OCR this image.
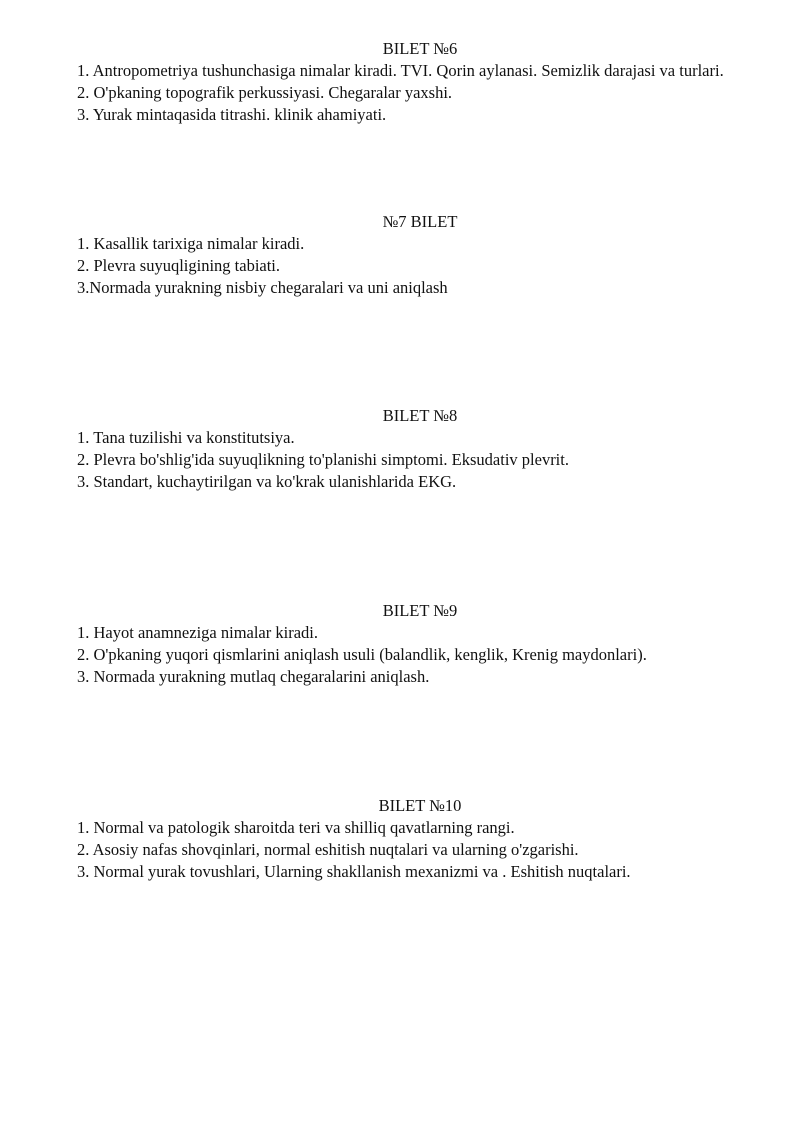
BILET №6

1. Antropometriya tushunchasiga nimalar kiradi. TVI. Qorin aylanasi. Semizlik darajasi va turlari.

2. O'pkaning topografik perkussiyasi. Chegaralar yaxshi.

3. Yurak mintaqasida titrashi. klinik ahamiyati.

№7 BILET

1. Kasallik tarixiga nimalar kiradi.

2. Plevra suyuqligining tabiati.

3.Normada yurakning nisbiy chegaralari va uni aniqlash

BILET №8

1. Tana tuzilishi va konstitutsiya.

2. Plevra bo'shlig'ida suyuqlikning to'planishi simptomi. Eksudativ plevrit.

3. Standart, kuchaytirilgan va ko'krak ulanishlarida EKG.

BILET №9

1. Hayot anamneziga nimalar kiradi.

2. O'pkaning yuqori qismlarini aniqlash usuli (balandlik, kenglik, Krenig maydonlari).

3. Normada yurakning mutlaq chegaralarini aniqlash.

BILET №10

1. Normal va patologik sharoitda teri va shilliq qavatlarning rangi.

2. Asosiy nafas shovqinlari, normal eshitish nuqtalari va ularning o'zgarishi.

3. Normal yurak tovushlari, Ularning shakllanish mexanizmi va . Eshitish nuqtalari.
